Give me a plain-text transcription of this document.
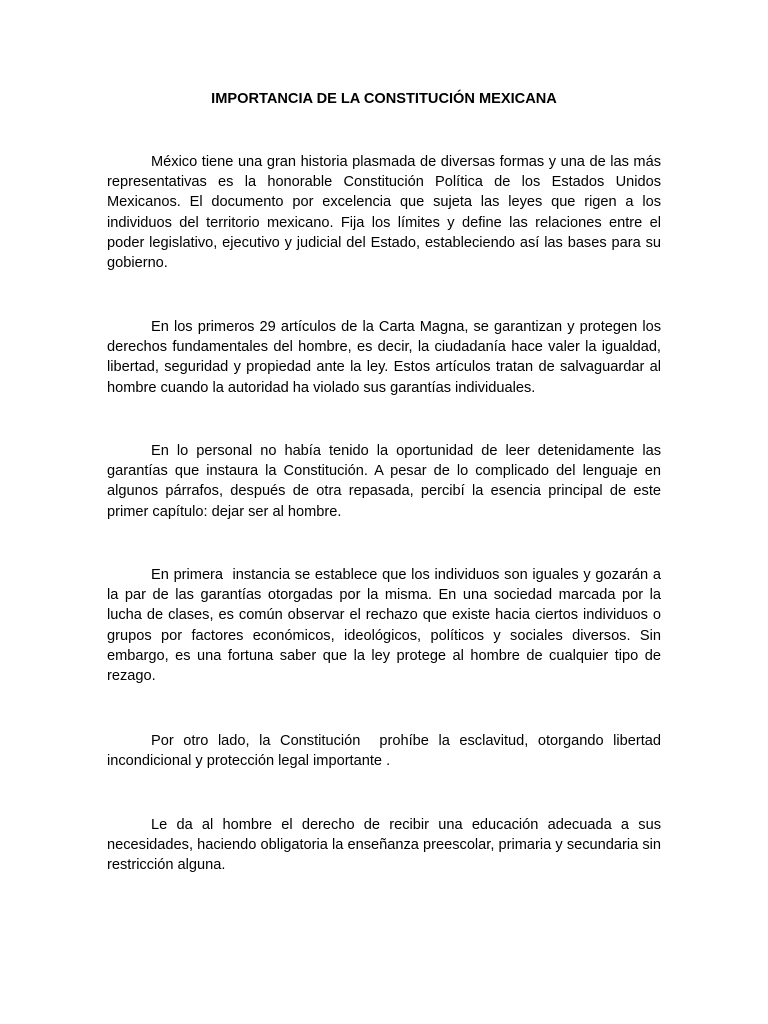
IMPORTANCIA DE LA CONSTITUCIÓN MEXICANA

México tiene una gran historia plasmada de diversas formas y una de las más representativas es la honorable Constitución Política de los Estados Unidos Mexicanos. El documento por excelencia que sujeta las leyes que rigen a los individuos del territorio mexicano. Fija los límites y define las relaciones entre el poder legislativo, ejecutivo y judicial del Estado, estableciendo así las bases para su gobierno.

En los primeros 29 artículos de la Carta Magna, se garantizan y protegen los derechos fundamentales del hombre, es decir, la ciudadanía hace valer la igualdad, libertad, seguridad y propiedad ante la ley. Estos artículos tratan de salvaguardar al hombre cuando la autoridad ha violado sus garantías individuales.

En lo personal no había tenido la oportunidad de leer detenidamente las garantías que instaura la Constitución. A pesar de lo complicado del lenguaje en algunos párrafos, después de otra repasada, percibí la esencia principal de este primer capítulo: dejar ser al hombre.

En primera  instancia se establece que los individuos son iguales y gozarán a la par de las garantías otorgadas por la misma. En una sociedad marcada por la lucha de clases, es común observar el rechazo que existe hacia ciertos individuos o grupos por factores económicos, ideológicos, políticos y sociales diversos. Sin embargo, es una fortuna saber que la ley protege al hombre de cualquier tipo de rezago.

Por otro lado, la Constitución  prohíbe la esclavitud, otorgando libertad incondicional y protección legal importante .

Le da al hombre el derecho de recibir una educación adecuada a sus necesidades, haciendo obligatoria la enseñanza preescolar, primaria y secundaria sin restricción alguna.
